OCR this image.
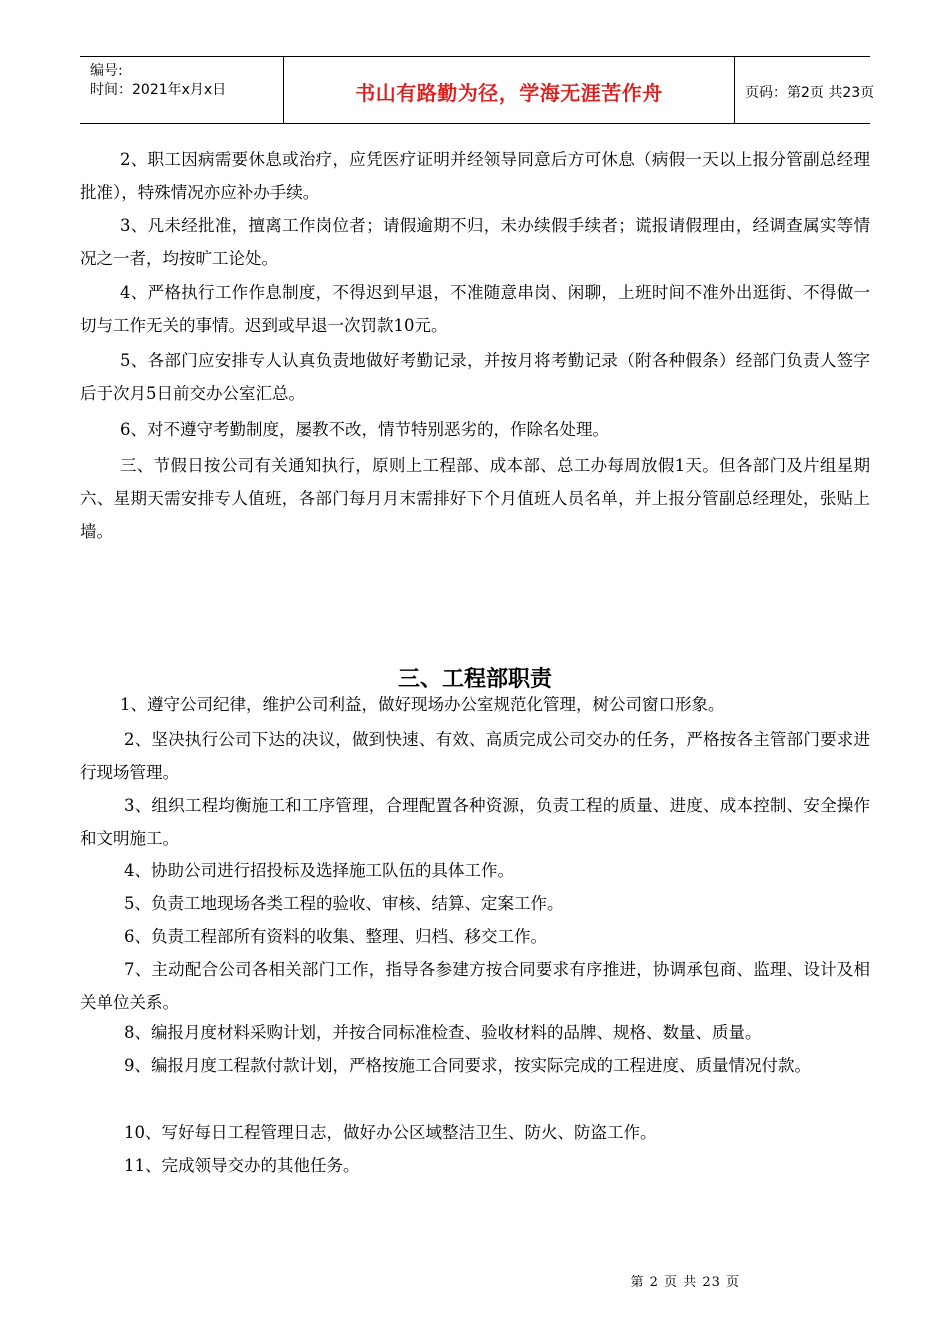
编号:
时间：2021年x月x日	书山有路勤为径，学海无涯苦作舟	页码：第2页 共23页

2、职工因病需要休息或治疗，应凭医疗证明并经领导同意后方可休息（病假一天以上报分管副总经理批准），特殊情况亦应补办手续。

3、凡未经批准，擅离工作岗位者；请假逾期不归，未办续假手续者；谎报请假理由，经调查属实等情况之一者，均按旷工论处。

4、严格执行工作作息制度，不得迟到早退，不准随意串岗、闲聊，上班时间不准外出逛街、不得做一切与工作无关的事情。迟到或早退一次罚款10元。

5、各部门应安排专人认真负责地做好考勤记录，并按月将考勤记录（附各种假条）经部门负责人签字后于次月5日前交办公室汇总。

6、对不遵守考勤制度，屡教不改，情节特别恶劣的，作除名处理。

三、节假日按公司有关通知执行，原则上工程部、成本部、总工办每周放假1天。但各部门及片组星期六、星期天需安排专人值班，各部门每月月末需排好下个月值班人员名单，并上报分管副总经理处，张贴上墙。

三、工程部职责

1、遵守公司纪律，维护公司利益，做好现场办公室规范化管理，树公司窗口形象。

2、坚决执行公司下达的决议，做到快速、有效、高质完成公司交办的任务，严格按各主管部门要求进行现场管理。

3、组织工程均衡施工和工序管理，合理配置各种资源，负责工程的质量、进度、成本控制、安全操作和文明施工。

4、协助公司进行招投标及选择施工队伍的具体工作。

5、负责工地现场各类工程的验收、审核、结算、定案工作。

6、负责工程部所有资料的收集、整理、归档、移交工作。

7、主动配合公司各相关部门工作，指导各参建方按合同要求有序推进，协调承包商、监理、设计及相关单位关系。

8、编报月度材料采购计划，并按合同标准检查、验收材料的品牌、规格、数量、质量。

9、编报月度工程款付款计划，严格按施工合同要求，按实际完成的工程进度、质量情况付款。

10、写好每日工程管理日志，做好办公区域整洁卫生、防火、防盗工作。

11、完成领导交办的其他任务。

第 2 页 共 23 页
